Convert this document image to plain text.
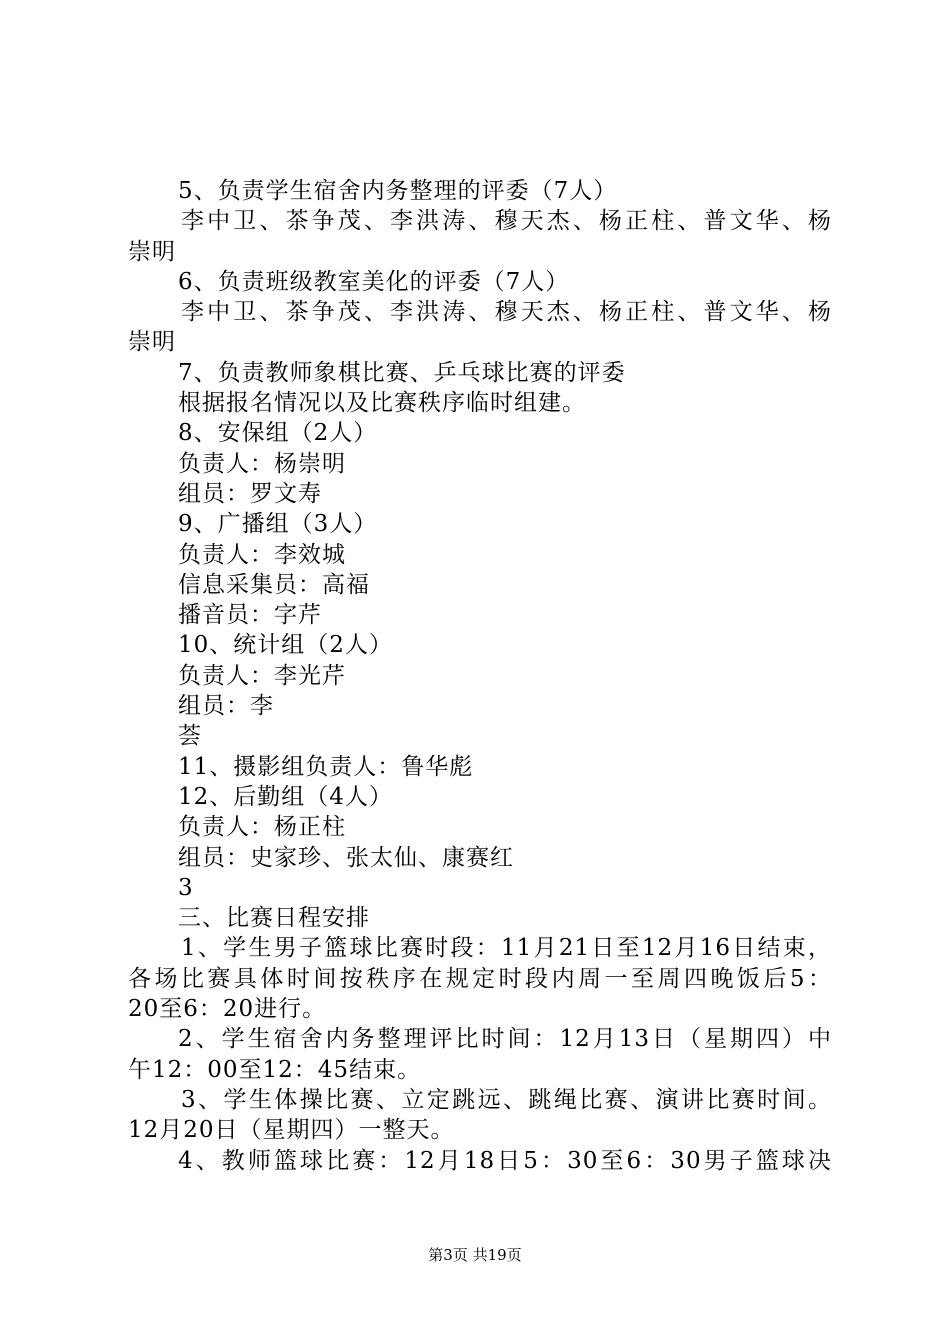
5、负责学生宿舍内务整理的评委（7人）
李中卫、茶争茂、李洪涛、穆天杰、杨正柱、普文华、杨
崇明
6、负责班级教室美化的评委（7人）
李中卫、茶争茂、李洪涛、穆天杰、杨正柱、普文华、杨
崇明
7、负责教师象棋比赛、乒乓球比赛的评委
根据报名情况以及比赛秩序临时组建。
8、安保组（2人）
负责人：杨崇明
组员：罗文寿
9、广播组（3人）
负责人：李效城
信息采集员：高福
播音员：字芹
10、统计组（2人）
负责人：李光芹
组员：李
荟
11、摄影组负责人：鲁华彪
12、后勤组（4人）
负责人：杨正柱
组员：史家珍、张太仙、康赛红
3
三、比赛日程安排
1、学生男子篮球比赛时段：11月21日至12月16日结束，
各场比赛具体时间按秩序在规定时段内周一至周四晚饭后5：
20至6：20进行。
2、学生宿舍内务整理评比时间：12月13日（星期四）中
午12：00至12：45结束。
3、学生体操比赛、立定跳远、跳绳比赛、演讲比赛时间。
12月20日（星期四）一整天。
4、教师篮球比赛：12月18日5：30至6：30男子篮球决
第3页 共19页
